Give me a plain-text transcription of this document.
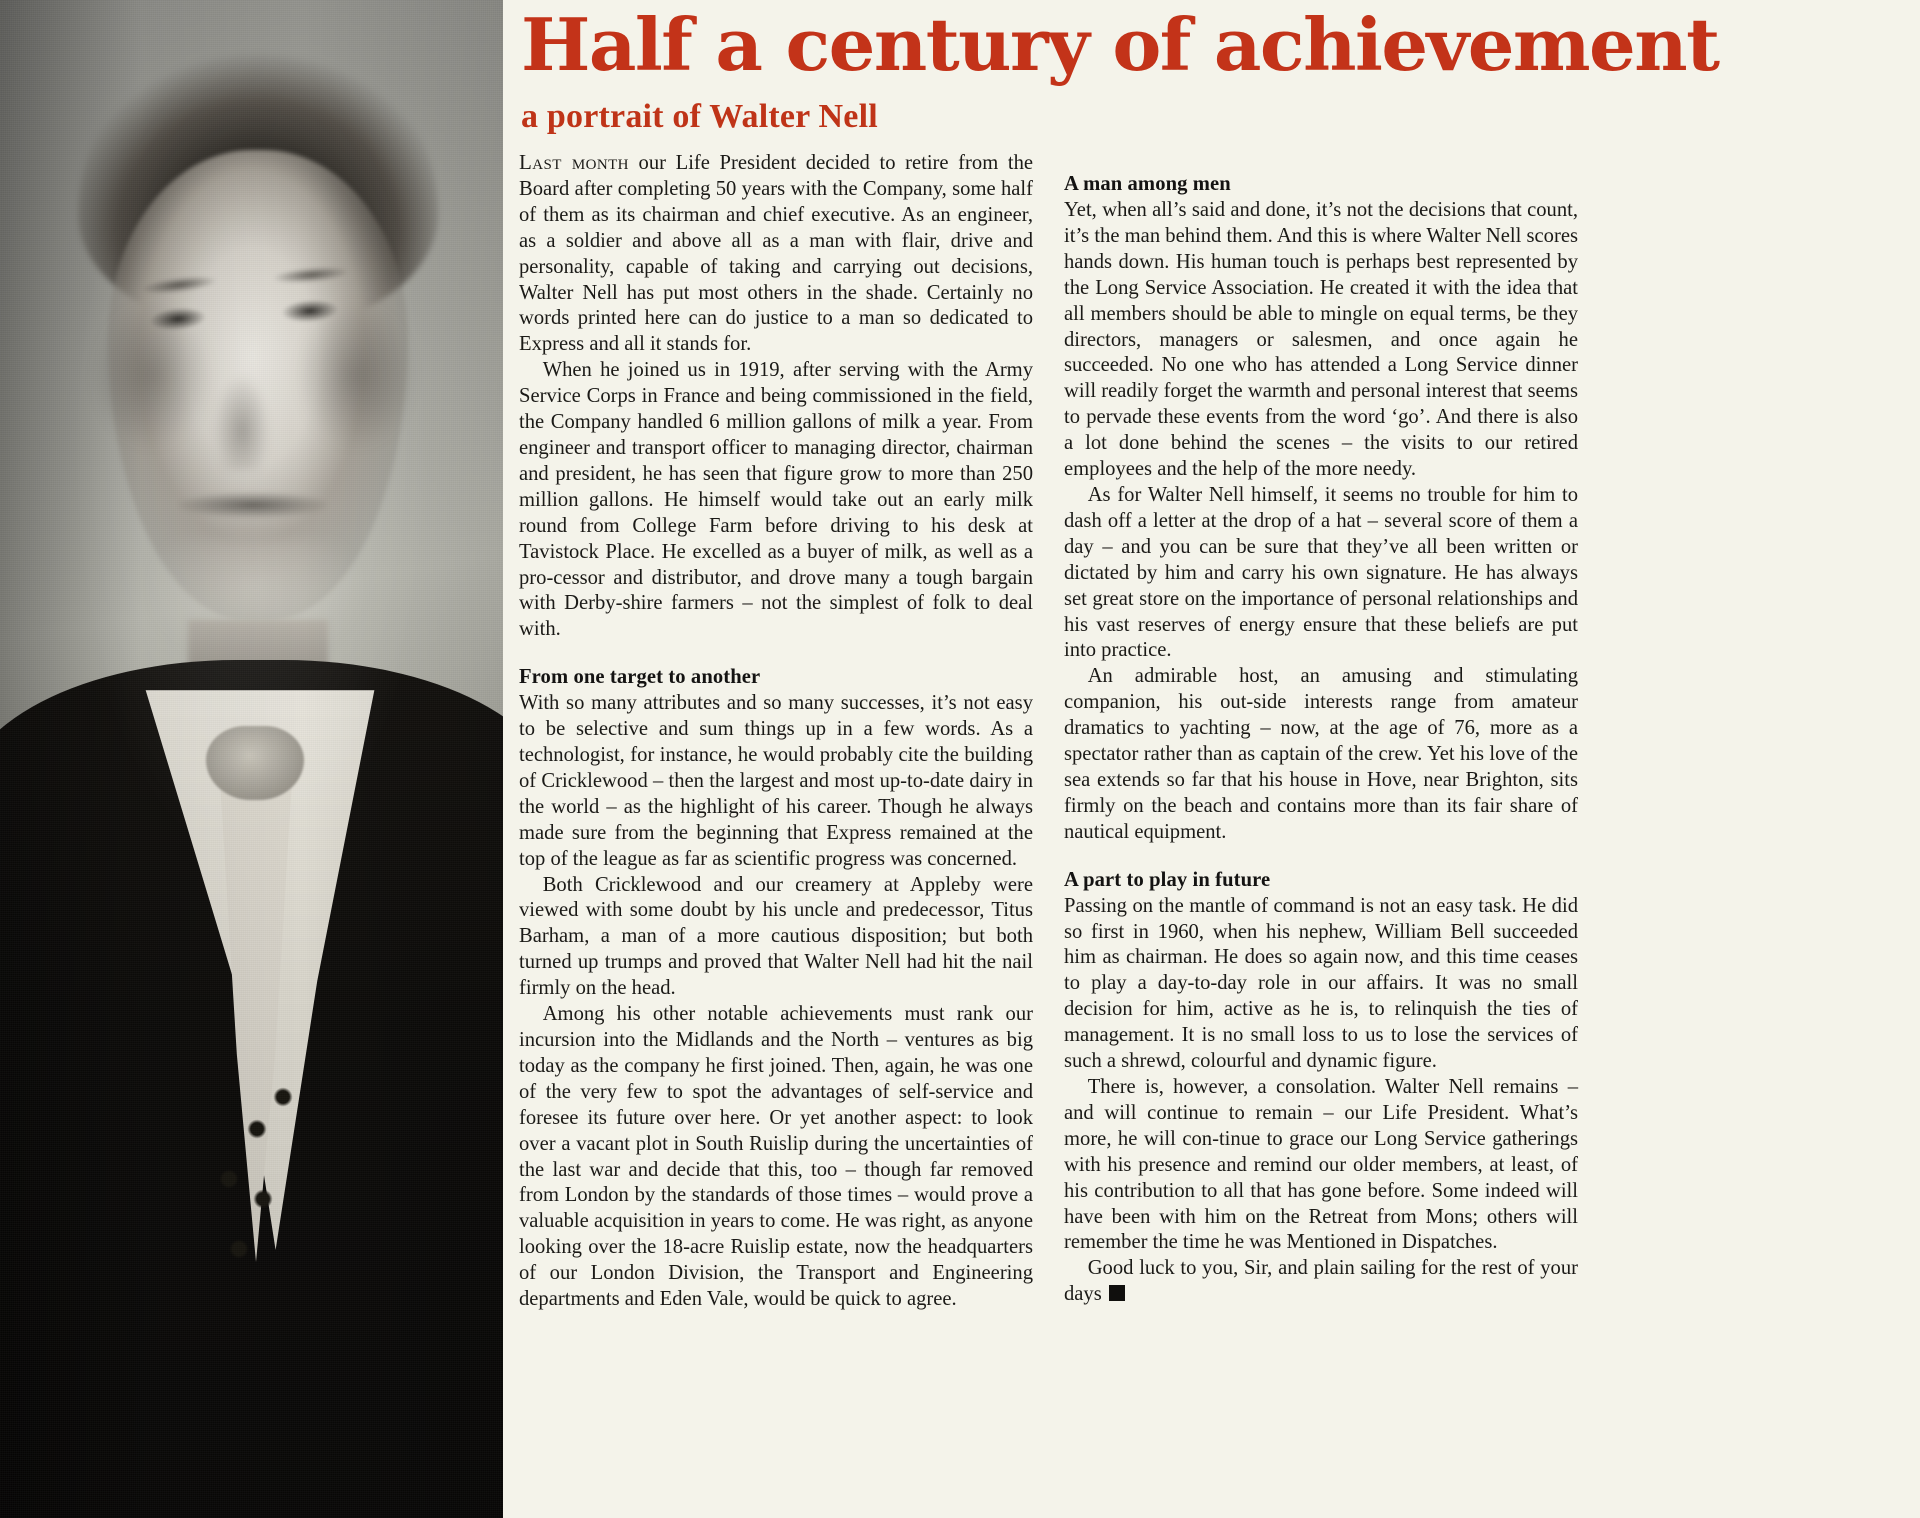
Half a century of achievement
a portrait of Walter Nell

Last month our Life President decided to retire from the Board after completing 50 years with the Company, some half of them as its chairman and chief executive. As an engineer, as a soldier and above all as a man with flair, drive and personality, capable of taking and carrying out decisions, Walter Nell has put most others in the shade. Certainly no words printed here can do justice to a man so dedicated to Express and all it stands for.

When he joined us in 1919, after serving with the Army Service Corps in France and being commissioned in the field, the Company handled 6 million gallons of milk a year. From engineer and transport officer to managing director, chairman and president, he has seen that figure grow to more than 250 million gallons. He himself would take out an early milk round from College Farm before driving to his desk at Tavistock Place. He excelled as a buyer of milk, as well as a pro‑cessor and distributor, and drove many a tough bargain with Derby‑shire farmers – not the simplest of folk to deal with.

From one target to another

With so many attributes and so many successes, it’s not easy to be selective and sum things up in a few words. As a technologist, for instance, he would probably cite the building of Cricklewood – then the largest and most up‑to‑date dairy in the world – as the highlight of his career. Though he always made sure from the beginning that Express remained at the top of the league as far as scientific progress was concerned.

Both Cricklewood and our creamery at Appleby were viewed with some doubt by his uncle and predecessor, Titus Barham, a man of a more cautious disposition; but both turned up trumps and proved that Walter Nell had hit the nail firmly on the head.

Among his other notable achievements must rank our incursion into the Midlands and the North – ventures as big today as the company he first joined. Then, again, he was one of the very few to spot the advantages of self‑service and foresee its future over here. Or yet another aspect: to look over a vacant plot in South Ruislip during the uncertainties of the last war and decide that this, too – though far removed from London by the standards of those times – would prove a valuable acquisition in years to come. He was right, as anyone looking over the 18‑acre Ruislip estate, now the headquarters of our London Division, the Transport and Engineering departments and Eden Vale, would be quick to agree.

A man among men

Yet, when all’s said and done, it’s not the decisions that count, it’s the man behind them. And this is where Walter Nell scores hands down. His human touch is perhaps best represented by the Long Service Association. He created it with the idea that all members should be able to mingle on equal terms, be they directors, managers or salesmen, and once again he succeeded. No one who has attended a Long Service dinner will readily forget the warmth and personal interest that seems to pervade these events from the word ‘go’. And there is also a lot done behind the scenes – the visits to our retired employees and the help of the more needy.

As for Walter Nell himself, it seems no trouble for him to dash off a letter at the drop of a hat – several score of them a day – and you can be sure that they’ve all been written or dictated by him and carry his own signature. He has always set great store on the importance of personal relationships and his vast reserves of energy ensure that these beliefs are put into practice.

An admirable host, an amusing and stimulating companion, his out‑side interests range from amateur dramatics to yachting – now, at the age of 76, more as a spectator rather than as captain of the crew. Yet his love of the sea extends so far that his house in Hove, near Brighton, sits firmly on the beach and contains more than its fair share of nautical equipment.

A part to play in future

Passing on the mantle of command is not an easy task. He did so first in 1960, when his nephew, William Bell succeeded him as chairman. He does so again now, and this time ceases to play a day‑to‑day role in our affairs. It was no small decision for him, active as he is, to relinquish the ties of management. It is no small loss to us to lose the services of such a shrewd, colourful and dynamic figure.

There is, however, a consolation. Walter Nell remains – and will continue to remain – our Life President. What’s more, he will con‑tinue to grace our Long Service gatherings with his presence and remind our older members, at least, of his contribution to all that has gone before. Some indeed will have been with him on the Retreat from Mons; others will remember the time he was Mentioned in Dispatches.

Good luck to you, Sir, and plain sailing for the rest of your days
